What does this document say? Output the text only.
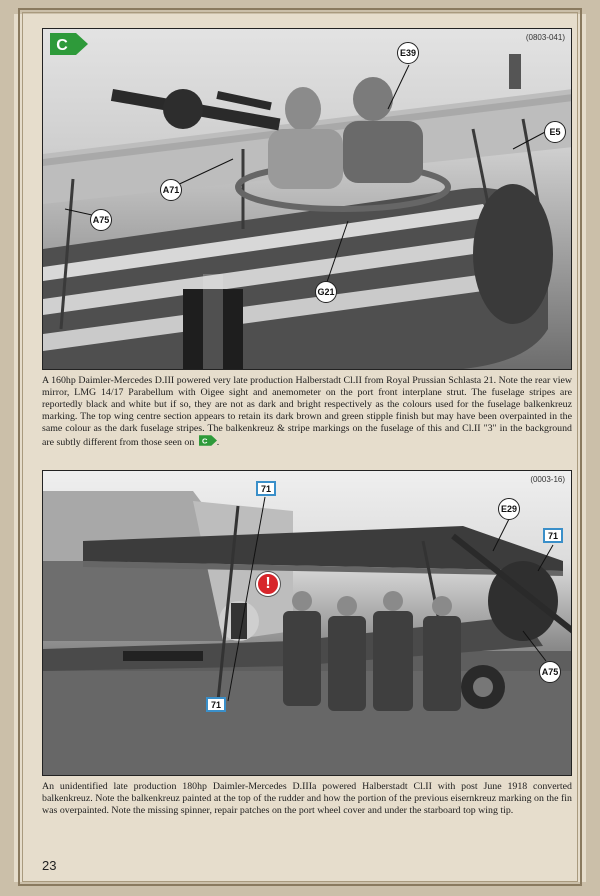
(0803-041)
C	E39
E5
A71
A75
G21
A 160hp Daimler-Mercedes D.III powered very late production Halberstadt Cl.II from Royal Prussian Schlasta 21. Note the rear view mirror, LMG 14/17 Parabellum with Oigee sight and anemometer on the port front interplane strut. The fuselage stripes are reportedly black and white but if so, they are not as dark and bright respectively as the colours used for the fuselage balkenkreuz marking. The top wing centre section appears to retain its dark brown and green stipple finish but may have been overpainted in the same colour as the dark fuselage stripes. The balkenkreuz & stripe markings on the fuselage of this and Cl.II "3" in the background are subtly different from those seen on C .
(0003-16)
71
71
71
E29
A75
!
An unidentified late production 180hp Daimler-Mercedes D.IIIa powered Halberstadt Cl.II with post June 1918 converted balkenkreuz. Note the balkenkreuz painted at the top of the rudder and how the portion of the previous eisernkreuz marking on the fin was overpainted. Note the missing spinner, repair patches on the port wheel cover and under the starboard top wing tip.
23
